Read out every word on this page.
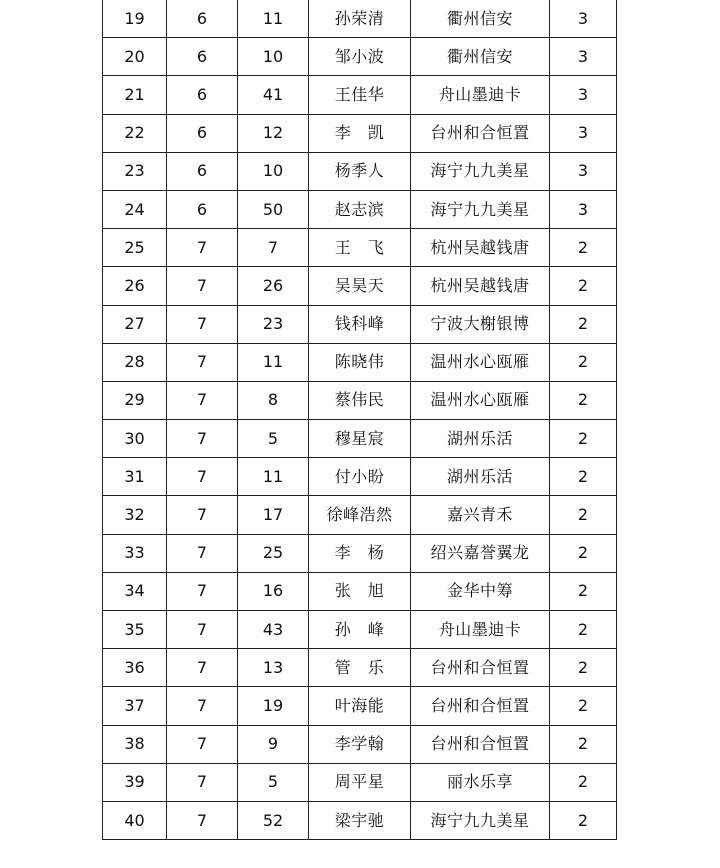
19	6	11	孙荣清	衢州信安	3
20	6	10	邹小波	衢州信安	3
21	6	41	王佳华	舟山墨迪卡	3
22	6	12	李　凯	台州和合恒置	3
23	6	10	杨季人	海宁九九美星	3
24	6	50	赵志滨	海宁九九美星	3
25	7	7	王　飞	杭州吴越钱唐	2
26	7	26	吴昊天	杭州吴越钱唐	2
27	7	23	钱科峰	宁波大榭银博	2
28	7	11	陈晓伟	温州水心瓯雁	2
29	7	8	蔡伟民	温州水心瓯雁	2
30	7	5	穆星宸	湖州乐活	2
31	7	11	付小盼	湖州乐活	2
32	7	17	徐峰浩然	嘉兴青禾	2
33	7	25	李　杨	绍兴嘉誉翼龙	2
34	7	16	张　旭	金华中筹	2
35	7	43	孙　峰	舟山墨迪卡	2
36	7	13	管　乐	台州和合恒置	2
37	7	19	叶海能	台州和合恒置	2
38	7	9	李学翰	台州和合恒置	2
39	7	5	周平星	丽水乐享	2
40	7	52	梁宇驰	海宁九九美星	2
